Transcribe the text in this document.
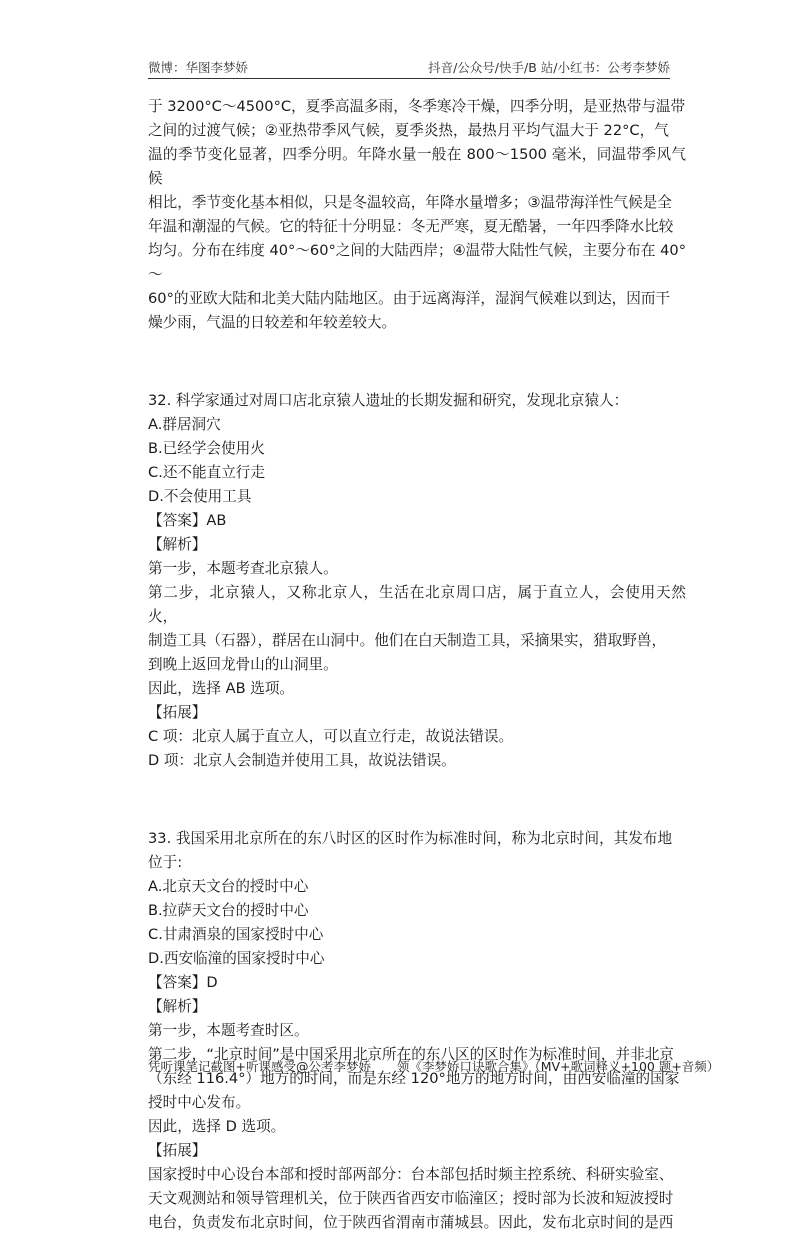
微博：华图李梦娇	抖音/公众号/快手/B 站/小红书：公考李梦娇

于 3200°C～4500°C，夏季高温多雨，冬季寒冷干燥，四季分明，是亚热带与温带

之间的过渡气候；②亚热带季风气候，夏季炎热，最热月平均气温大于 22°C，气

温的季节变化显著，四季分明。年降水量一般在 800～1500 毫米，同温带季风气候

相比，季节变化基本相似，只是冬温较高，年降水量增多；③温带海洋性气候是全

年温和潮湿的气候。它的特征十分明显：冬无严寒，夏无酷暑，一年四季降水比较

均匀。分布在纬度 40°～60°之间的大陆西岸；④温带大陆性气候，主要分布在 40°～

60°的亚欧大陆和北美大陆内陆地区。由于远离海洋，湿润气候难以到达，因而干

燥少雨，气温的日较差和年较差较大。

32. 科学家通过对周口店北京猿人遗址的长期发掘和研究，发现北京猿人：

A.群居洞穴

B.已经学会使用火

C.还不能直立行走

D.不会使用工具

【答案】AB

【解析】

第一步，本题考查北京猿人。

第二步，北京猿人，又称北京人，生活在北京周口店，属于直立人，会使用天然火，

制造工具（石器），群居在山洞中。他们在白天制造工具，采摘果实，猎取野兽，

到晚上返回龙骨山的山洞里。

因此，选择 AB 选项。

【拓展】

C 项：北京人属于直立人，可以直立行走，故说法错误。

D 项：北京人会制造并使用工具，故说法错误。

33. 我国采用北京所在的东八时区的区时作为标准时间，称为北京时间，其发布地

位于:

A.北京天文台的授时中心

B.拉萨天文台的授时中心

C.甘肃酒泉的国家授时中心

D.西安临潼的国家授时中心

【答案】D

【解析】

第一步，本题考查时区。

第二步，“北京时间”是中国采用北京所在的东八区的区时作为标准时间，并非北京

（东经 116.4°）地方的时间，而是东经 120°地方的地方时间，由西安临潼的国家

授时中心发布。

因此，选择 D 选项。

【拓展】

国家授时中心设台本部和授时部两部分：台本部包括时频主控系统、科研实验室、

天文观测站和领导管理机关，位于陕西省西安市临潼区；授时部为长波和短波授时

电台，负责发布北京时间，位于陕西省渭南市蒲城县。因此，发布北京时间的是西

凭听课笔记截图+听课感受@公考李梦娇 领《李梦娇口诀歌合集》（MV+歌词释义+100 题+音频）
